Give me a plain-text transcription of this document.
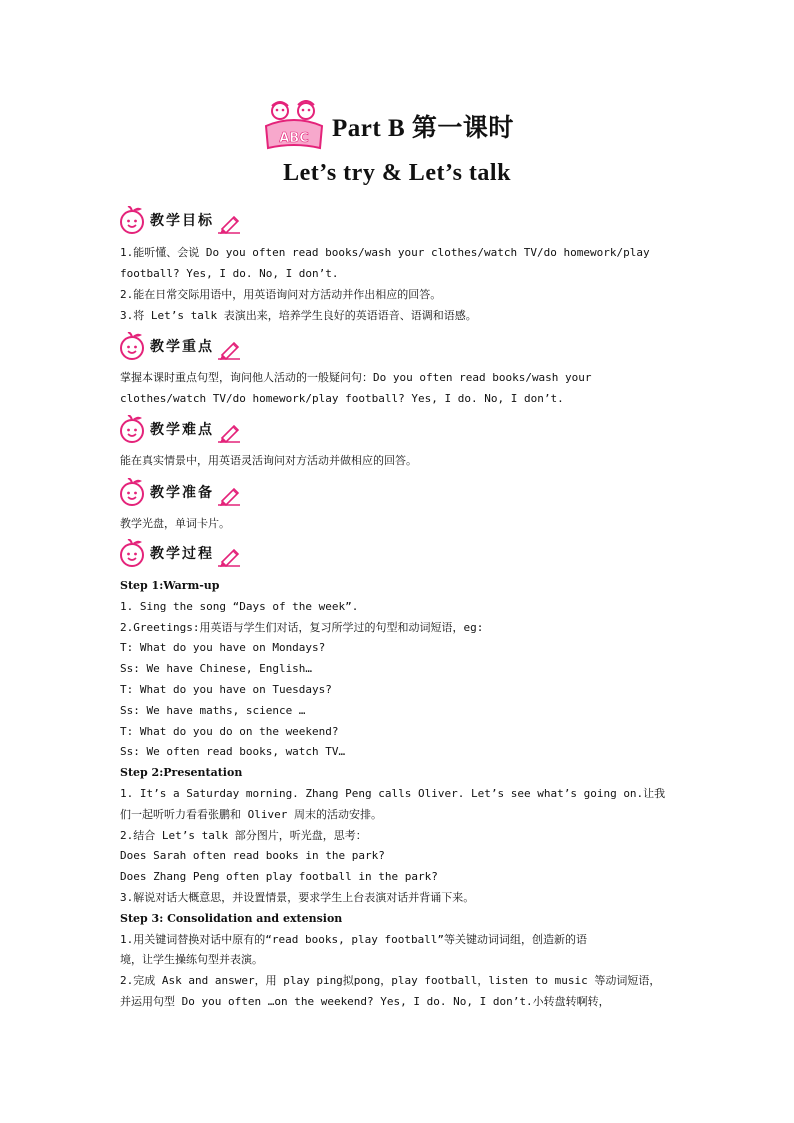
ABC Part B 第一课时
Let’s try & Let’s talk
教学目标
1.能听懂、会说 Do you often read books/wash your clothes/watch TV/do homework/play
football? Yes, I do. No, I don’t.
2.能在日常交际用语中，用英语询问对方活动并作出相应的回答。
3.将 Let’s talk 表演出来，培养学生良好的英语语音、语调和语感。
教学重点
掌握本课时重点句型，询问他人活动的一般疑问句：Do you often read books/wash your
clothes/watch TV/do homework/play football? Yes, I do. No, I don’t.
教学难点
能在真实情景中，用英语灵活询问对方活动并做相应的回答。
教学准备
教学光盘，单词卡片。
教学过程
Step 1:Warm-up
1. Sing the song “Days of the week”.
2.Greetings:用英语与学生们对话，复习所学过的句型和动词短语，eg:
T: What do you have on Mondays?
Ss: We have Chinese, English…
T: What do you have on Tuesdays?
Ss: We have maths, science …
T: What do you do on the weekend?
Ss: We often read books, watch TV…
Step 2:Presentation
1. It’s a Saturday morning. Zhang Peng calls Oliver. Let’s see what’s going on.让我
们一起听听力看看张鹏和 Oliver 周末的活动安排。
2.结合 Let’s talk 部分图片，听光盘，思考：
Does Sarah often read books in the park?
Does Zhang Peng often play football in the park?
3.解说对话大概意思，并设置情景，要求学生上台表演对话并背诵下来。
Step 3: Consolidation and extension
1.用关键词替换对话中原有的“read books, play football”等关键动词词组，创造新的语
境，让学生操练句型并表演。
2.完成 Ask and answer，用 play ping拟pong，play football，listen to music 等动词短语，
并运用句型 Do you often …on the weekend? Yes, I do. No, I don’t.小转盘转啊转，
